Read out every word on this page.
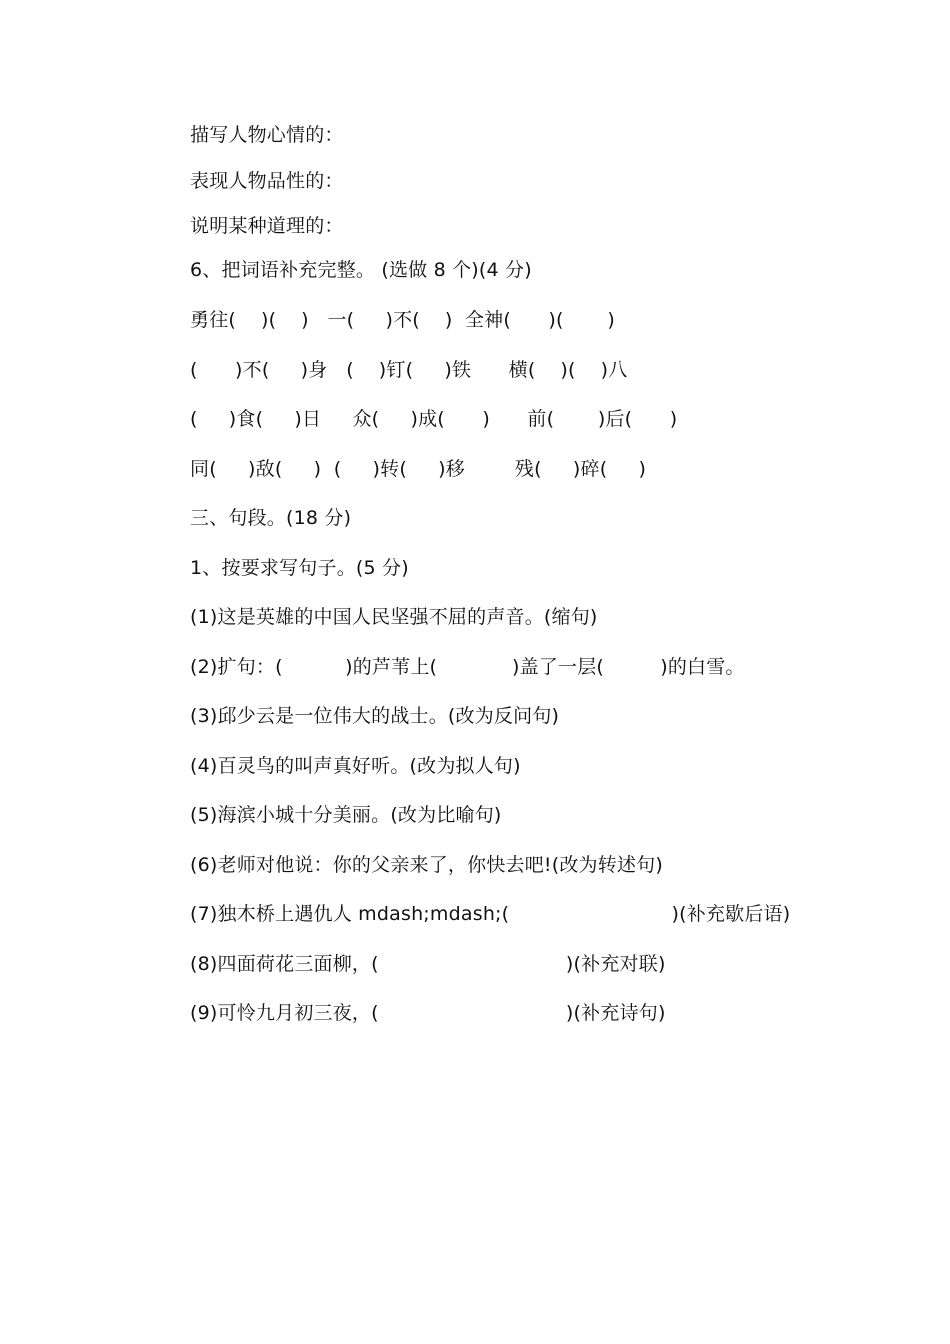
描写人物心情的：
表现人物品性的：
说明某种道理的：
6、把词语补充完整。 (选做 8 个)(4 分)
勇往(    )(    )   一(     )不(    )  全神(      )(       )
(      )不(     )身   (    )钉(     )铁      横(    )(    )八
(     )食(     )日     众(     )成(      )      前(       )后(      )
同(     )敌(     )  (     )转(     )移        残(     )碎(     )
三、句段。(18 分)
1、按要求写句子。(5 分)
(1)这是英雄的中国人民坚强不屈的声音。(缩句)
(2)扩句：(          )的芦苇上(            )盖了一层(         )的白雪。
(3)邱少云是一位伟大的战士。(改为反问句)
(4)百灵鸟的叫声真好听。(改为拟人句)
(5)海滨小城十分美丽。(改为比喻句)
(6)老师对他说：你的父亲来了，你快去吧!(改为转述句)
(7)独木桥上遇仇人 mdash;mdash;(                          )(补充歇后语)
(8)四面荷花三面柳，(                              )(补充对联)
(9)可怜九月初三夜，(                              )(补充诗句)
